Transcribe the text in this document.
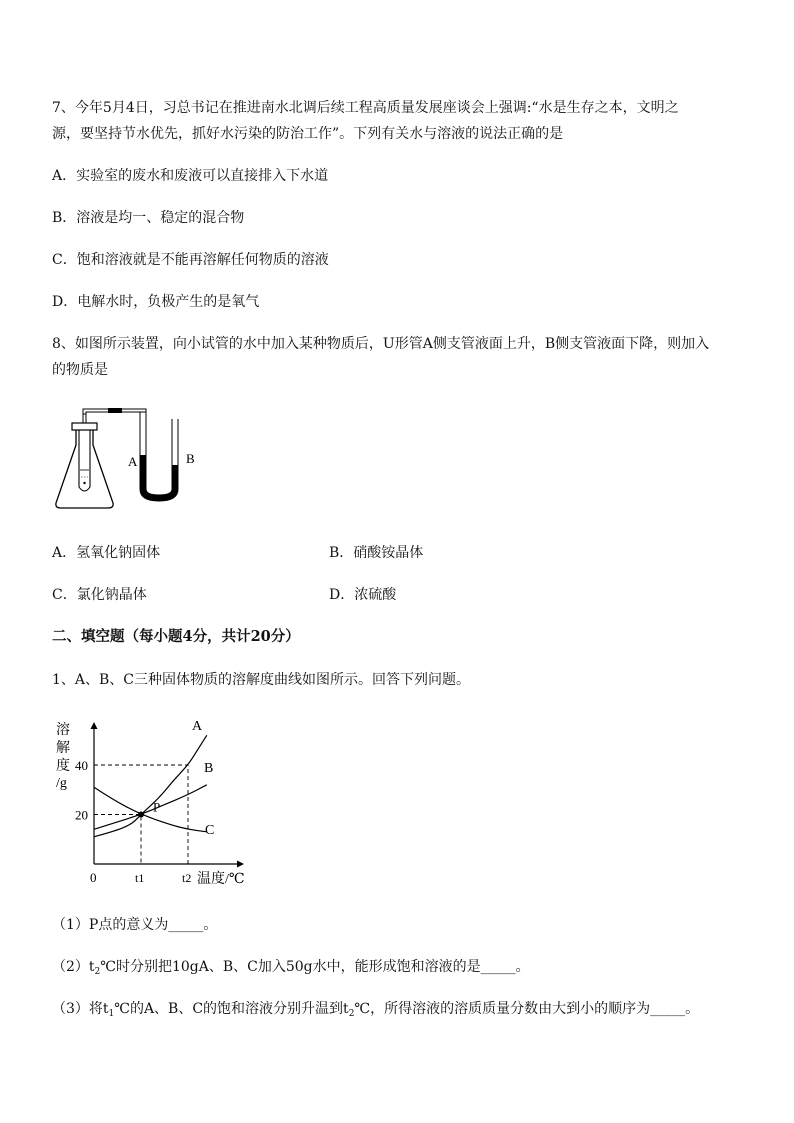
7、今年5月4日，习总书记在推进南水北调后续工程高质量发展座谈会上强调:“水是生存之本，文明之
源，要坚持节水优先，抓好水污染的防治工作”。下列有关水与溶液的说法正确的是
A．实验室的废水和废液可以直接排入下水道
B．溶液是均一、稳定的混合物
C．饱和溶液就是不能再溶解任何物质的溶液
D．电解水时，负极产生的是氧气
8、如图所示装置，向小试管的水中加入某种物质后，U形管A侧支管液面上升，B侧支管液面下降，则加入
的物质是
A	B
A．氢氧化钠固体	B．硝酸铵晶体
C．氯化钠晶体	D．浓硫酸
二、填空题（每小题4分，共计20分）
1、A、B、C三种固体物质的溶解度曲线如图所示。回答下列问题。
溶
解
度
/g
20
40
0	t1	t2 温度/℃
A
B
C
P
（1）P点的意义为_____。
$(2)t_2℃$时分别把10gA、B、C加入50g水中，能形成饱和溶液的是_____。
（3）将$t_1℃$的A、B、C的饱和溶液分别升温到$t_2℃$，所得溶液的溶质质量分数由大到小的顺序为_____。
